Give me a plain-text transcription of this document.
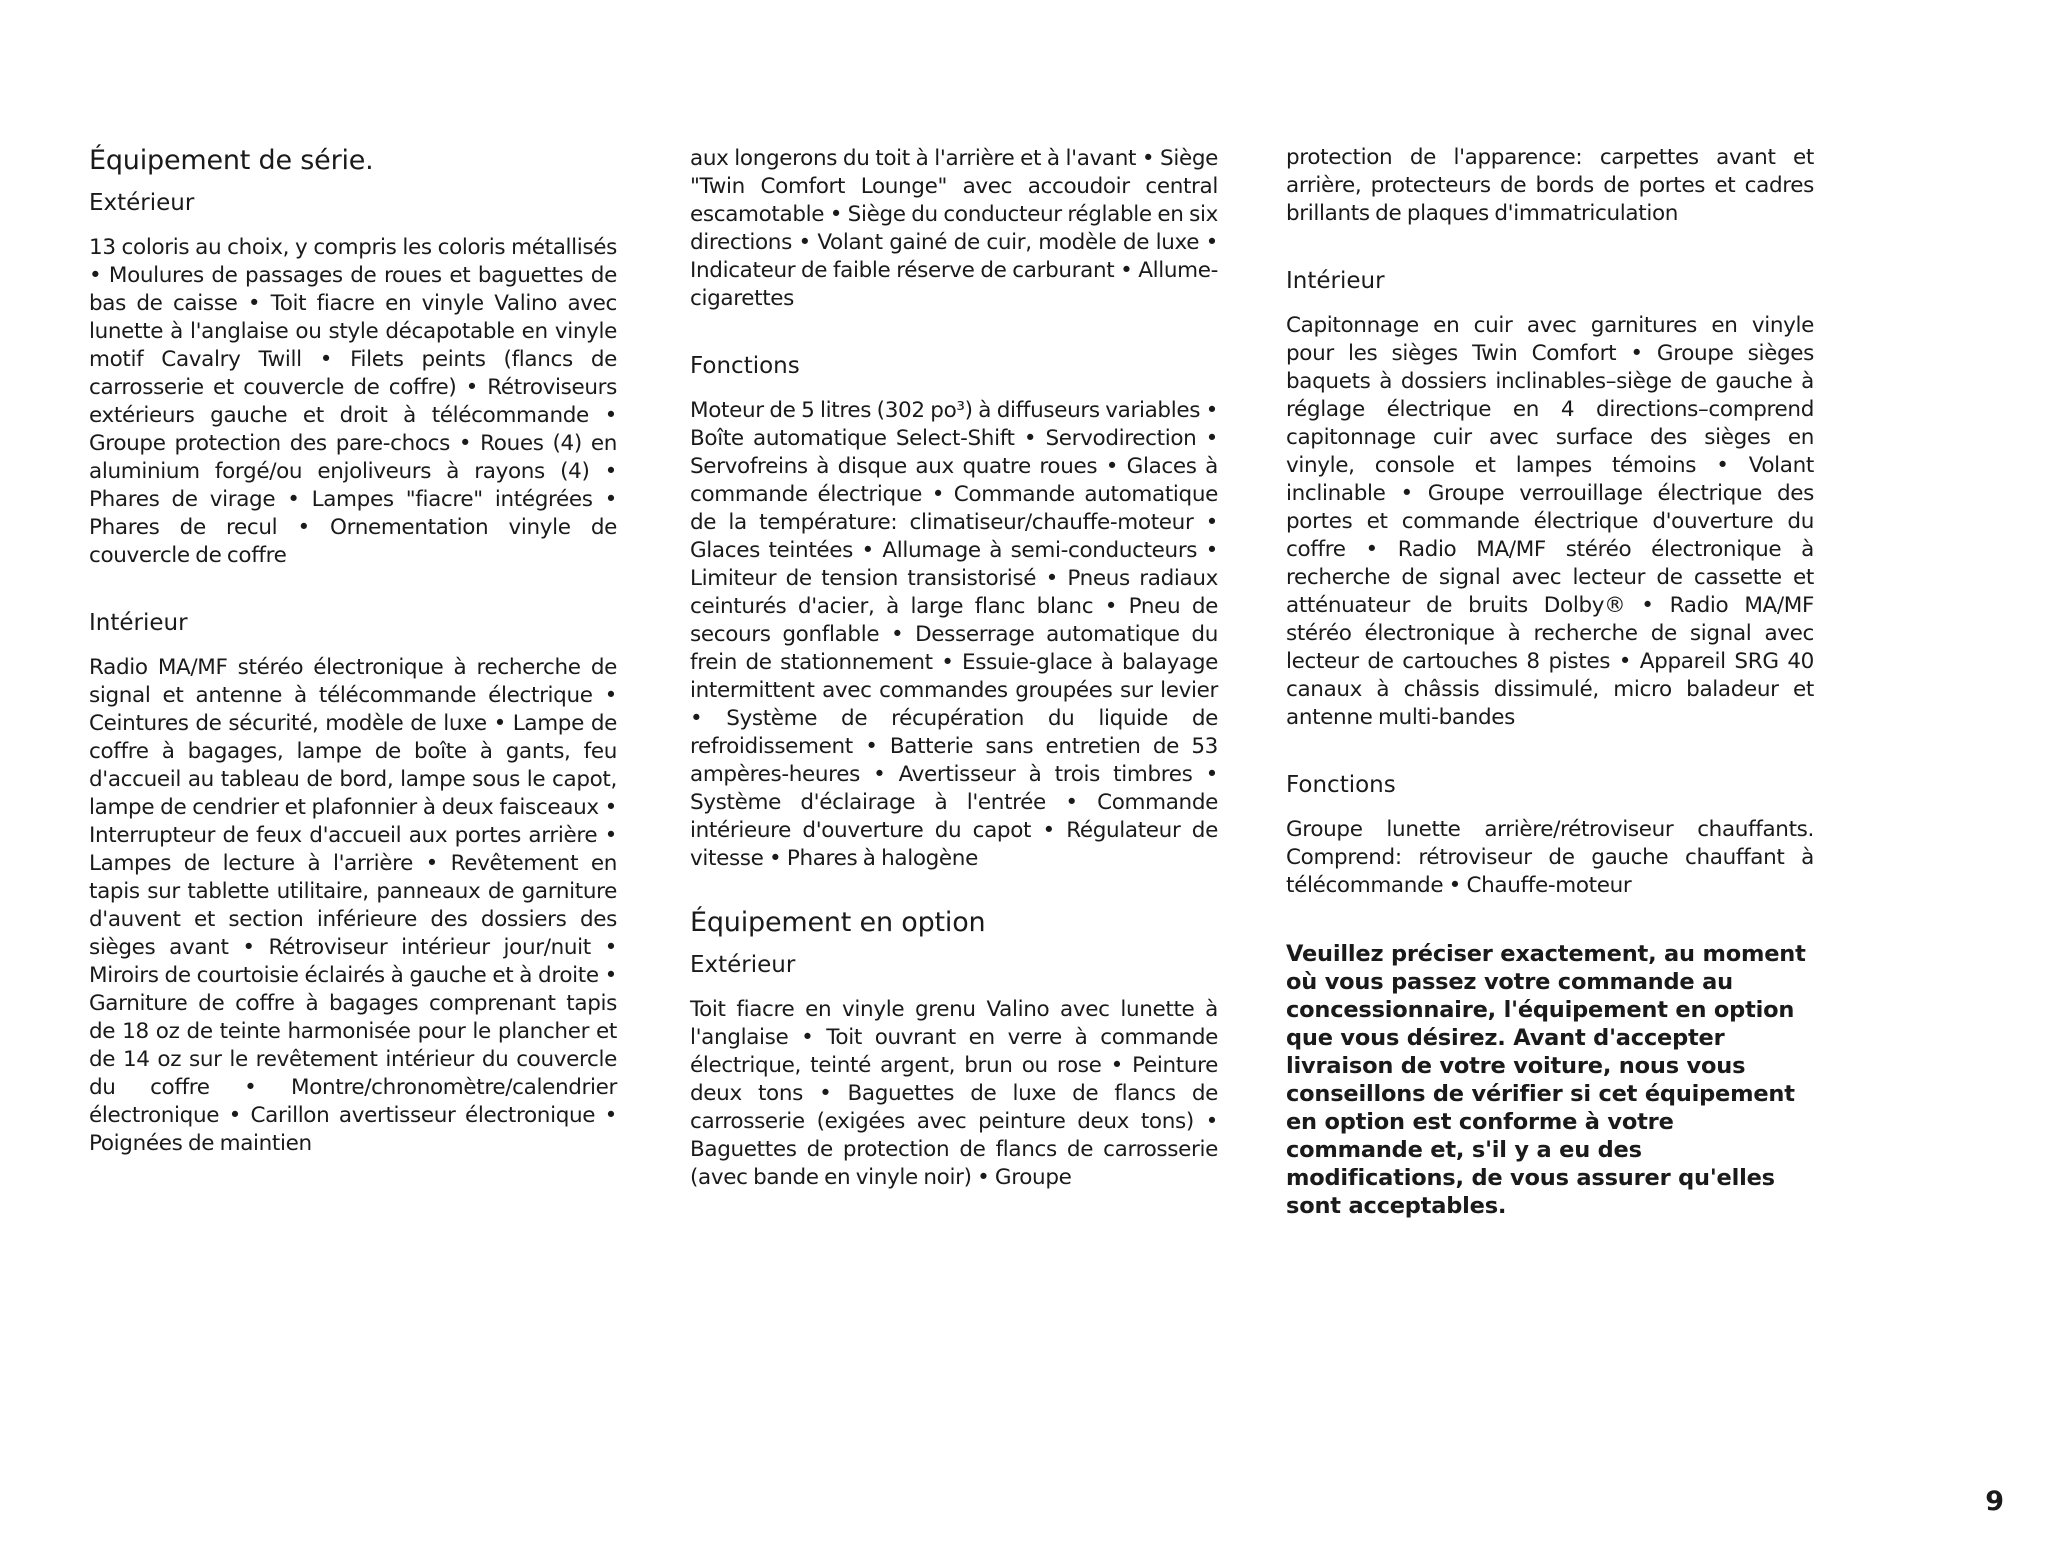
Équipement de série.
Extérieur

13 coloris au choix, y compris les coloris métallisés • Moulures de passages de roues et baguettes de bas de caisse • Toit fiacre en vinyle Valino avec lunette à l'anglaise ou style décapotable en vinyle motif Cavalry Twill • Filets peints (flancs de carrosserie et couvercle de coffre) • Rétroviseurs extérieurs gauche et droit à télécommande • Groupe protection des pare-chocs • Roues (4) en aluminium forgé/ou enjoliveurs à rayons (4) • Phares de virage • Lampes "fiacre" intégrées • Phares de recul • Ornementation vinyle de couvercle de coffre

Intérieur

Radio MA/MF stéréo électronique à recherche de signal et antenne à télécommande électrique • Ceintures de sécurité, modèle de luxe • Lampe de coffre à bagages, lampe de boîte à gants, feu d'accueil au tableau de bord, lampe sous le capot, lampe de cendrier et plafonnier à deux faisceaux • Interrupteur de feux d'accueil aux portes arrière • Lampes de lecture à l'arrière • Revêtement en tapis sur tablette utilitaire, panneaux de garniture d'auvent et section inférieure des dossiers des sièges avant • Rétroviseur intérieur jour/nuit • Miroirs de courtoisie éclairés à gauche et à droite • Garniture de coffre à bagages comprenant tapis de 18 oz de teinte harmonisée pour le plancher et de 14 oz sur le revêtement intérieur du couvercle du coffre • Montre/chronomètre/calendrier électronique • Carillon avertisseur électronique • Poignées de maintien

aux longerons du toit à l'arrière et à l'avant • Siège "Twin Comfort Lounge" avec accoudoir central escamotable • Siège du conducteur réglable en six directions • Volant gainé de cuir, modèle de luxe • Indicateur de faible réserve de carburant • Allume-cigarettes

Fonctions

Moteur de 5 litres (302 po³) à diffuseurs variables • Boîte automatique Select-Shift • Servodirection • Servofreins à disque aux quatre roues • Glaces à commande électrique • Commande automatique de la température: climatiseur/chauffe-moteur • Glaces teintées • Allumage à semi-conducteurs • Limiteur de tension transistorisé • Pneus radiaux ceinturés d'acier, à large flanc blanc • Pneu de secours gonflable • Desserrage automatique du frein de stationnement • Essuie-glace à balayage intermittent avec commandes groupées sur levier • Système de récupération du liquide de refroidissement • Batterie sans entretien de 53 ampères-heures • Avertisseur à trois timbres • Système d'éclairage à l'entrée • Commande intérieure d'ouverture du capot • Régulateur de vitesse • Phares à halogène

Équipement en option
Extérieur

Toit fiacre en vinyle grenu Valino avec lunette à l'anglaise • Toit ouvrant en verre à commande électrique, teinté argent, brun ou rose • Peinture deux tons • Baguettes de luxe de flancs de carrosserie (exigées avec peinture deux tons) • Baguettes de protection de flancs de carrosserie (avec bande en vinyle noir) • Groupe

protection de l'apparence: carpettes avant et arrière, protecteurs de bords de portes et cadres brillants de plaques d'immatriculation

Intérieur

Capitonnage en cuir avec garnitures en vinyle pour les sièges Twin Comfort • Groupe sièges baquets à dossiers inclinables–siège de gauche à réglage électrique en 4 directions–comprend capitonnage cuir avec surface des sièges en vinyle, console et lampes témoins • Volant inclinable • Groupe verrouillage électrique des portes et commande électrique d'ouverture du coffre • Radio MA/MF stéréo électronique à recherche de signal avec lecteur de cassette et atténuateur de bruits Dolby® • Radio MA/MF stéréo électronique à recherche de signal avec lecteur de cartouches 8 pistes • Appareil SRG 40 canaux à châssis dissimulé, micro baladeur et antenne multi-bandes

Fonctions

Groupe lunette arrière/rétroviseur chauffants. Comprend: rétroviseur de gauche chauffant à télécommande • Chauffe-moteur

Veuillez préciser exactement, au moment où vous passez votre commande au concessionnaire, l'équipement en option que vous désirez. Avant d'accepter livraison de votre voiture, nous vous conseillons de vérifier si cet équipement en option est conforme à votre commande et, s'il y a eu des modifications, de vous assurer qu'elles sont acceptables.

9
